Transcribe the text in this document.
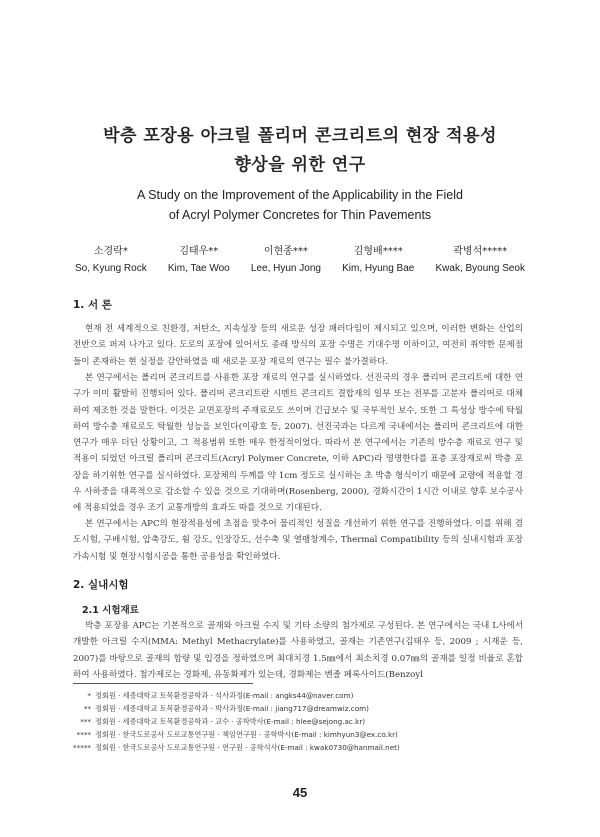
박층 포장용 아크릴 폴리머 콘크리트의 현장 적용성
향상을 위한 연구
A Study on the Improvement of the Applicability in the Field
of Acryl Polymer Concretes for Thin Pavements
소경락*
So, Kyung Rock
김태우**
Kim, Tae Woo
이현종***
Lee, Hyun Jong
김형배****
Kim, Hyung Bae
곽병석*****
Kwak, Byoung Seok
1. 서 론

현재 전 세계적으로 친환경, 저탄소, 지속성장 등의 새로운 성장 패러다임이 제시되고 있으며, 이러한 변화는 산업의 전반으로 퍼져 나가고 있다. 도로의 포장에 있어서도 종래 방식의 포장 수명은 기대수명 이하이고, 여전히 취약한 문제점들이 존재하는 현 실정을 감안하였을 때 새로운 포장 재료의 연구는 필수 불가결하다.

본 연구에서는 폴리머 콘크리트를 사용한 포장 재료의 연구를 실시하였다. 선진국의 경우 폴리머 콘크리트에 대한 연구가 이미 활발히 진행되어 있다. 폴리머 콘크리트란 시멘트 콘크리트 결합재의 일부 또는 전부를 고분자 폴리머로 대체하여 제조한 것을 말한다. 이것은 교면포장의 주재료로도 쓰이며 긴급보수 및 국부적인 보수, 또한 그 특성상 방수에 탁월하여 방수층 재료로도 탁월한 성능을 보인다(이광호 등, 2007). 선진국과는 다르게 국내에서는 폴리머 콘크리트에 대한 연구가 매우 더딘 상황이고, 그 적용범위 또한 매우 한정적이었다. 따라서 본 연구에서는 기존의 방수층 재료로 연구 및 적용이 되었던 아크릴 폴리머 콘크리트(Acryl Polymer Concrete, 이하 APC)라 명명한다를 표층 포장재로써 박층 포장을 하기위한 연구를 실시하였다. 포장체의 두께를 약 1cm 정도로 실시하는 초 박층 형식이기 때문에 교량에 적용할 경우 사하중을 대폭적으로 감소할 수 있을 것으로 기대하며(Rosenberg, 2000), 경화시간이 1시간 이내로 향후 보수공사에 적용되었을 경우 조기 교통개방의 효과도 따를 것으로 기대된다.

본 연구에서는 APC의 현장적용성에 초점을 맞추어 물리적인 성질을 개선하기 위한 연구를 진행하였다. 이를 위해 겸도시험, 구배시험, 압축강도, 휨 강도, 인장강도, 선수축 및 열팽창계수, Thermal Compatibility 등의 실내시험과 포장가속시험 및 현장시험시공을 통한 공용성을 확인하였다.

2. 실내시험
2.1 시험재료

박층 포장용 APC는 기본적으로 골재와 아크릴 수지 및 기타 소량의 첨가제로 구성된다. 본 연구에서는 국내 L사에서 개발한 아크릴 수지(MMA: Methyl Methacrylate)를 사용하였고, 골재는 기존연구(김태우 등, 2009 ; 시재운 등, 2007)를 바탕으로 골재의 함량 및 입경을 정하였으며 최대치경 1.5㎜에서 최소치경 0.07㎜의 골재를 일정 비율로 혼합하여 사용하였다. 첨가제로는 경화제, 유동화제가 있는데, 경화제는 벤졸 페록사이드(Benzoyl

* 정회원 · 세종대학교 토목환경공학과 · 석사과정(E-mail : angks44@naver.com)
** 정회원 · 세종대학교 토목환경공학과 · 박사과정(E-mail : jiang717@dreamwiz.com)
*** 정회원 · 세종대학교 토목환경공학과 · 교수 · 공학박사(E-mail : hlee@sejong.ac.kr)
**** 정회원 · 한국도로공사 도로교통연구원 · 책임연구원 · 공학박사(E-mail : kimhyun3@ex.co.kr)
***** 정회원 · 한국도로공사 도로교통연구원 · 연구원 · 공학석사(E-mail : kwak0730@hanmail.net)
45
